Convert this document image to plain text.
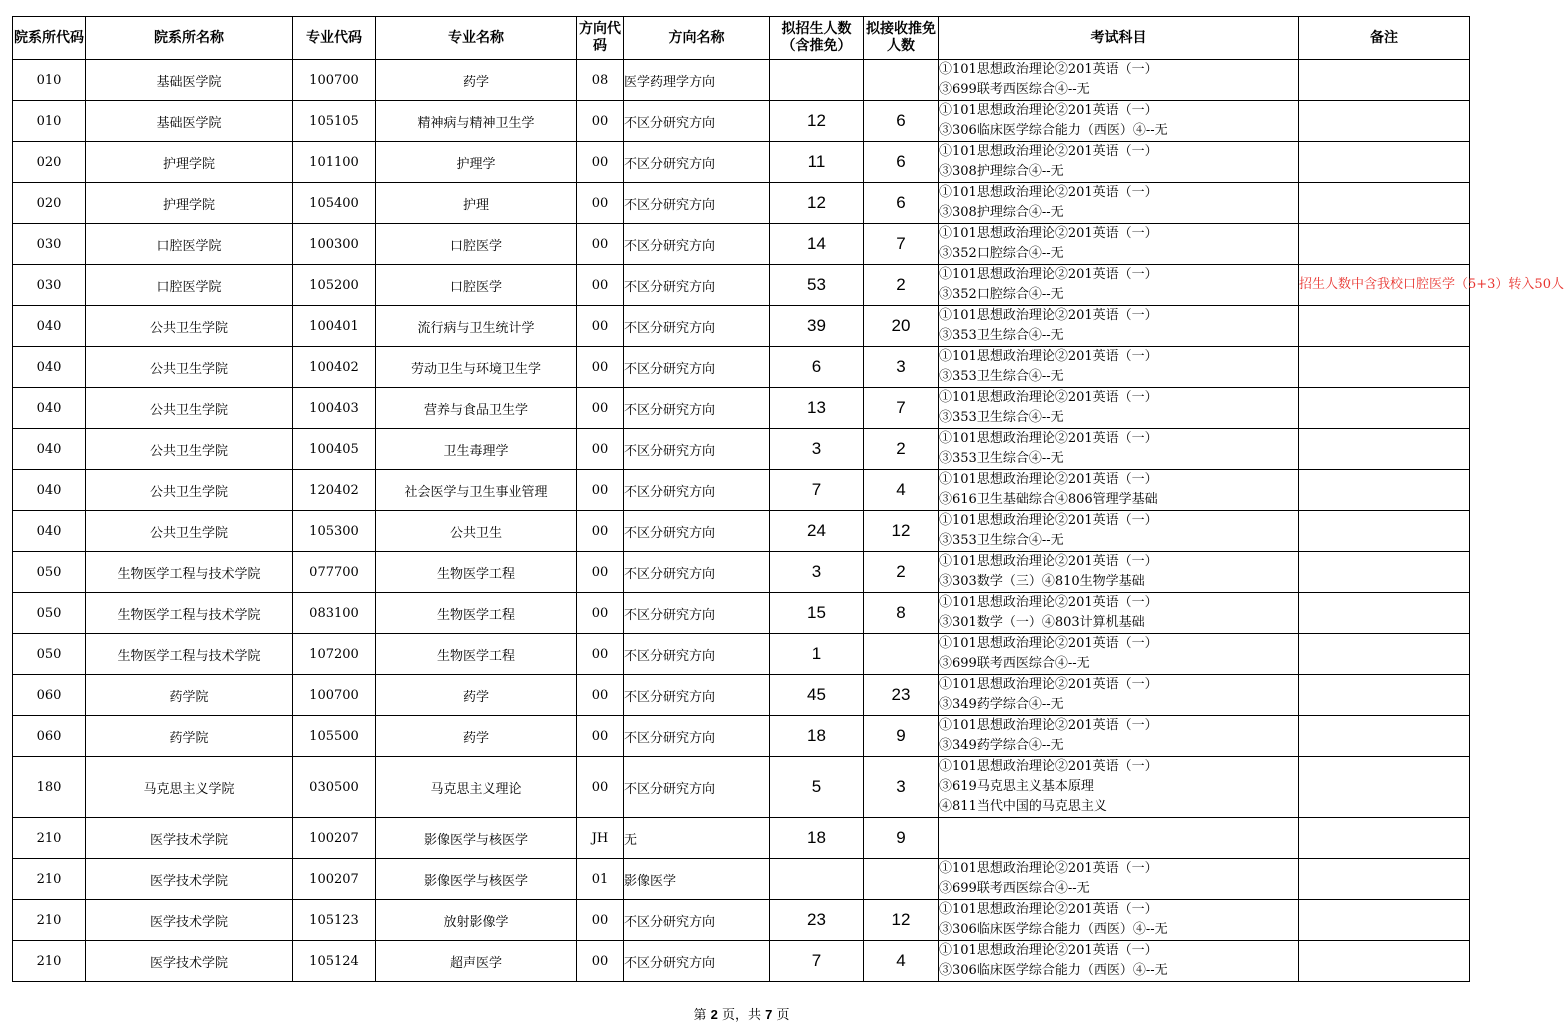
院系所代码	院系所名称	专业代码	专业名称	方向代码	方向名称	拟招生人数（含推免）	拟接收推免人数	考试科目	备注
010	基础医学院	100700	药学	08	医学药理学方向			①101思想政治理论②201英语（一）
③699联考西医综合④--无	

010	基础医学院	105105	精神病与精神卫生学	00	不区分研究方向	12	6	①101思想政治理论②201英语（一）
③306临床医学综合能力（西医）④--无	

020	护理学院	101100	护理学	00	不区分研究方向	11	6	①101思想政治理论②201英语（一）
③308护理综合④--无	

020	护理学院	105400	护理	00	不区分研究方向	12	6	①101思想政治理论②201英语（一）
③308护理综合④--无	

030	口腔医学院	100300	口腔医学	00	不区分研究方向	14	7	①101思想政治理论②201英语（一）
③352口腔综合④--无	

030	口腔医学院	105200	口腔医学	00	不区分研究方向	53	2	①101思想政治理论②201英语（一）
③352口腔综合④--无	招生人数中含我校口腔医学（5+3）转入50人
040	公共卫生学院	100401	流行病与卫生统计学	00	不区分研究方向	39	20	①101思想政治理论②201英语（一）
③353卫生综合④--无	

040	公共卫生学院	100402	劳动卫生与环境卫生学	00	不区分研究方向	6	3	①101思想政治理论②201英语（一）
③353卫生综合④--无	

040	公共卫生学院	100403	营养与食品卫生学	00	不区分研究方向	13	7	①101思想政治理论②201英语（一）
③353卫生综合④--无	

040	公共卫生学院	100405	卫生毒理学	00	不区分研究方向	3	2	①101思想政治理论②201英语（一）
③353卫生综合④--无	

040	公共卫生学院	120402	社会医学与卫生事业管理	00	不区分研究方向	7	4	①101思想政治理论②201英语（一）
③616卫生基础综合④806管理学基础	

040	公共卫生学院	105300	公共卫生	00	不区分研究方向	24	12	①101思想政治理论②201英语（一）
③353卫生综合④--无	

050	生物医学工程与技术学院	077700	生物医学工程	00	不区分研究方向	3	2	①101思想政治理论②201英语（一）
③303数学（三）④810生物学基础	

050	生物医学工程与技术学院	083100	生物医学工程	00	不区分研究方向	15	8	①101思想政治理论②201英语（一）
③301数学（一）④803计算机基础	

050	生物医学工程与技术学院	107200	生物医学工程	00	不区分研究方向	1		①101思想政治理论②201英语（一）
③699联考西医综合④--无	

060	药学院	100700	药学	00	不区分研究方向	45	23	①101思想政治理论②201英语（一）
③349药学综合④--无	

060	药学院	105500	药学	00	不区分研究方向	18	9	①101思想政治理论②201英语（一）
③349药学综合④--无	

180	马克思主义学院	030500	马克思主义理论	00	不区分研究方向	5	3	①101思想政治理论②201英语（一）
③619马克思主义基本原理
④811当代中国的马克思主义	

210	医学技术学院	100207	影像医学与核医学	JH	无	18	9		
210	医学技术学院	100207	影像医学与核医学	01	影像医学			①101思想政治理论②201英语（一）
③699联考西医综合④--无	

210	医学技术学院	105123	放射影像学	00	不区分研究方向	23	12	①101思想政治理论②201英语（一）
③306临床医学综合能力（西医）④--无	

210	医学技术学院	105124	超声医学	00	不区分研究方向	7	4	①101思想政治理论②201英语（一）
③306临床医学综合能力（西医）④--无	

第 2 页，共 7 页
